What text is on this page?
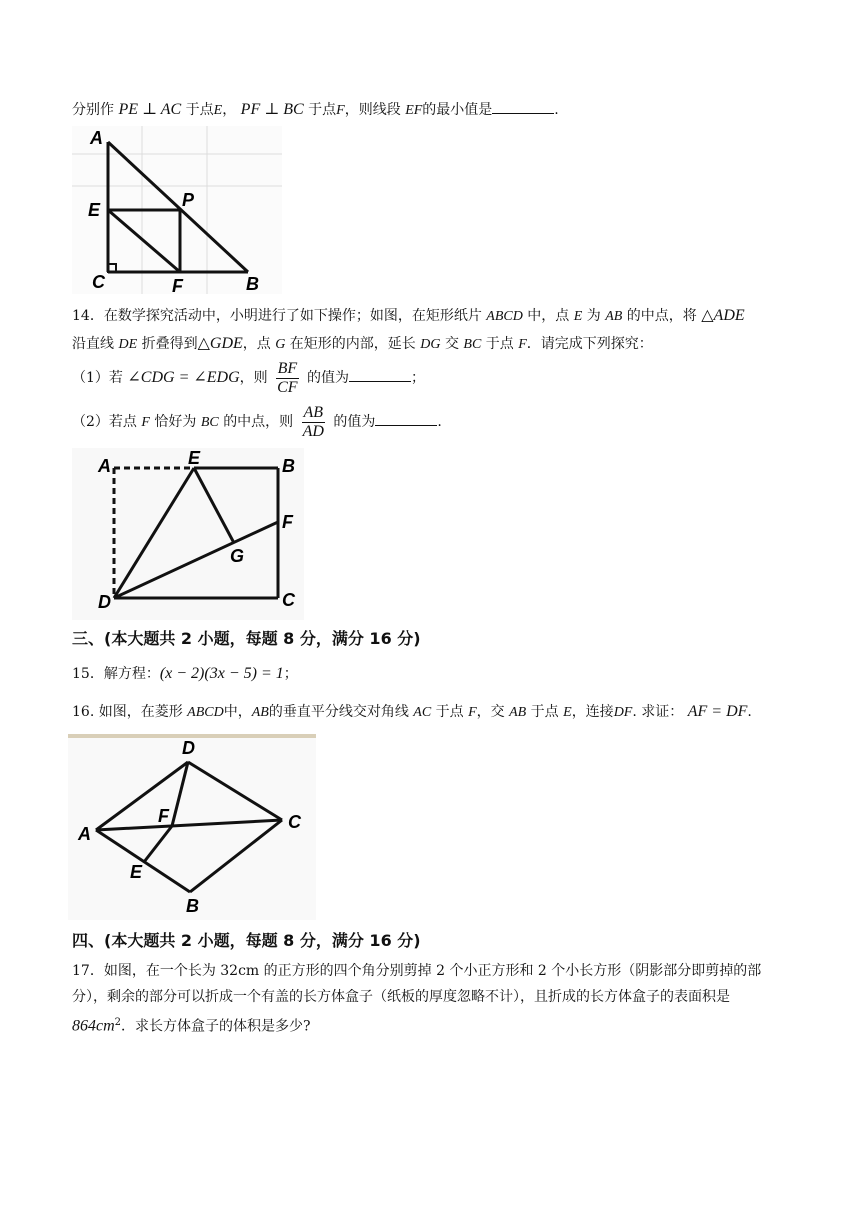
分别作 PE ⊥ AC 于点E， PF ⊥ BC 于点F，则线段 EF的最小值是	.
A
E	P
C	F	B
14．在数学探究活动中，小明进行了如下操作；如图，在矩形纸片 ABCD 中，点 E 为 AB 的中点，将 △ADE
沿直线 DE 折叠得到△GDE，点 G 在矩形的内部，延长 DG 交 BC 于点 F．请完成下列探究：
（1）若 ∠CDG = ∠EDG，则 $\frac{BF}{CF}$ 的值为	；
（2）若点 F 恰好为 BC 的中点，则 $\frac{AB}{AD}$ 的值为	.
A	E	B
F
G
D	C
三、(本大题共 2 小题，每题 8 分，满分 16 分)
15．解方程：(x − 2)(3x − 5) = 1；
16. 如图，在菱形 ABCD中，AB的垂直平分线交对角线 AC 于点 F，交 AB 于点 E，连接DF. 求证： AF = DF.
D
A
F	C
E
B
四、(本大题共 2 小题，每题 8 分，满分 16 分)
17．如图，在一个长为 32cm 的正方形的四个角分别剪掉 2 个小正方形和 2 个小长方形（阴影部分即剪掉的部
分），剩余的部分可以折成一个有盖的长方体盒子（纸板的厚度忽略不计），且折成的长方体盒子的表面积是
$864cm^2$．求长方体盒子的体积是多少?
